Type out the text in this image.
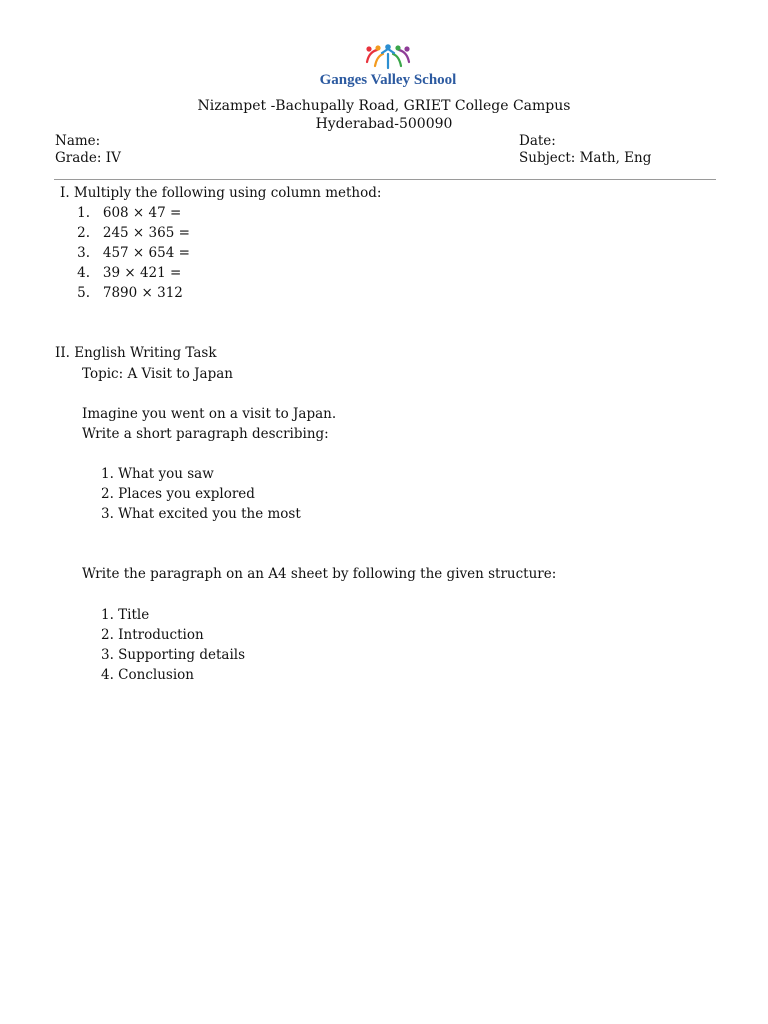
Ganges Valley School
Nizampet -Bachupally Road, GRIET College Campus
Hyderabad-500090
Name:
Grade: IV
Date:
Subject: Math, Eng
I. Multiply the following using column method:
1. 608 × 47 =
2. 245 × 365 =
3. 457 × 654 =
4. 39 × 421 =
5. 7890 × 312
II. English Writing Task
Topic: A Visit to Japan
Imagine you went on a visit to Japan.
Write a short paragraph describing:
1. What you saw
2. Places you explored
3. What excited you the most
Write the paragraph on an A4 sheet by following the given structure:
1. Title
2. Introduction
3. Supporting details
4. Conclusion
